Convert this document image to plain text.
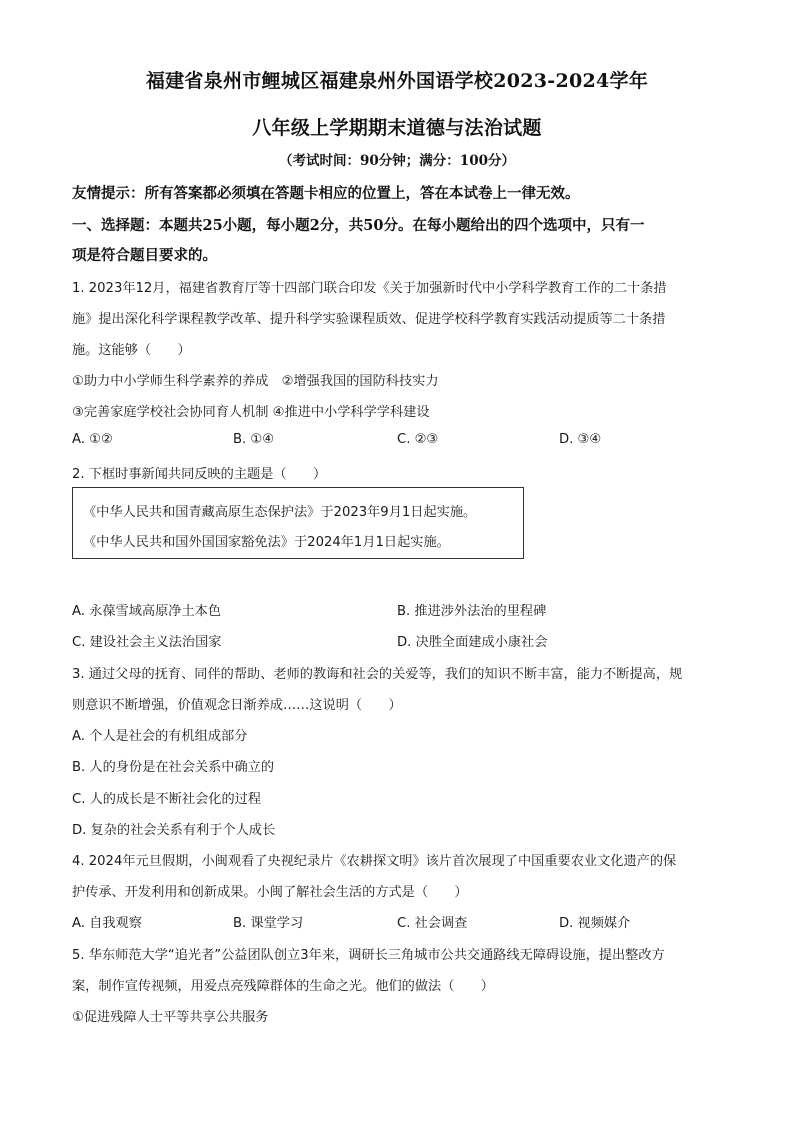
福建省泉州市鲤城区福建泉州外国语学校2023-2024学年
八年级上学期期末道德与法治试题
（考试时间：90分钟；满分：100分）
友情提示：所有答案都必须填在答题卡相应的位置上，答在本试卷上一律无效。
一、选择题：本题共25小题，每小题2分，共50分。在每小题给出的四个选项中，只有一
项是符合题目要求的。
1. 2023年12月，福建省教育厅等十四部门联合印发《关于加强新时代中小学科学教育工作的二十条措
施》提出深化科学课程教学改革、提升科学实验课程质效、促进学校科学教育实践活动提质等二十条措
施。这能够（　　）
①助力中小学师生科学素养的养成　②增强我国的国防科技实力
③完善家庭学校社会协同育人机制 ④推进中小学科学学科建设
A. ①②	B. ①④	C. ②③	D. ③④
2. 下框时事新闻共同反映的主题是（　　）
《中华人民共和国青藏高原生态保护法》于2023年9月1日起实施。
《中华人民共和国外国国家豁免法》于2024年1月1日起实施。
A. 永葆雪域高原净土本色	B. 推进涉外法治的里程碑
C. 建设社会主义法治国家	D. 决胜全面建成小康社会
3. 通过父母的抚育、同伴的帮助、老师的教诲和社会的关爱等，我们的知识不断丰富，能力不断提高，规
则意识不断增强，价值观念日渐养成……这说明（　　）
A. 个人是社会的有机组成部分
B. 人的身份是在社会关系中确立的
C. 人的成长是不断社会化的过程
D. 复杂的社会关系有利于个人成长
4. 2024年元旦假期，小闽观看了央视纪录片《农耕探文明》该片首次展现了中国重要农业文化遗产的保
护传承、开发利用和创新成果。小闽了解社会生活的方式是（　　）
A. 自我观察	B. 课堂学习	C. 社会调查	D. 视频媒介
5. 华东师范大学“追光者”公益团队创立3年来，调研长三角城市公共交通路线无障碍设施，提出整改方
案，制作宣传视频，用爱点亮残障群体的生命之光。他们的做法（　　）
①促进残障人士平等共享公共服务
